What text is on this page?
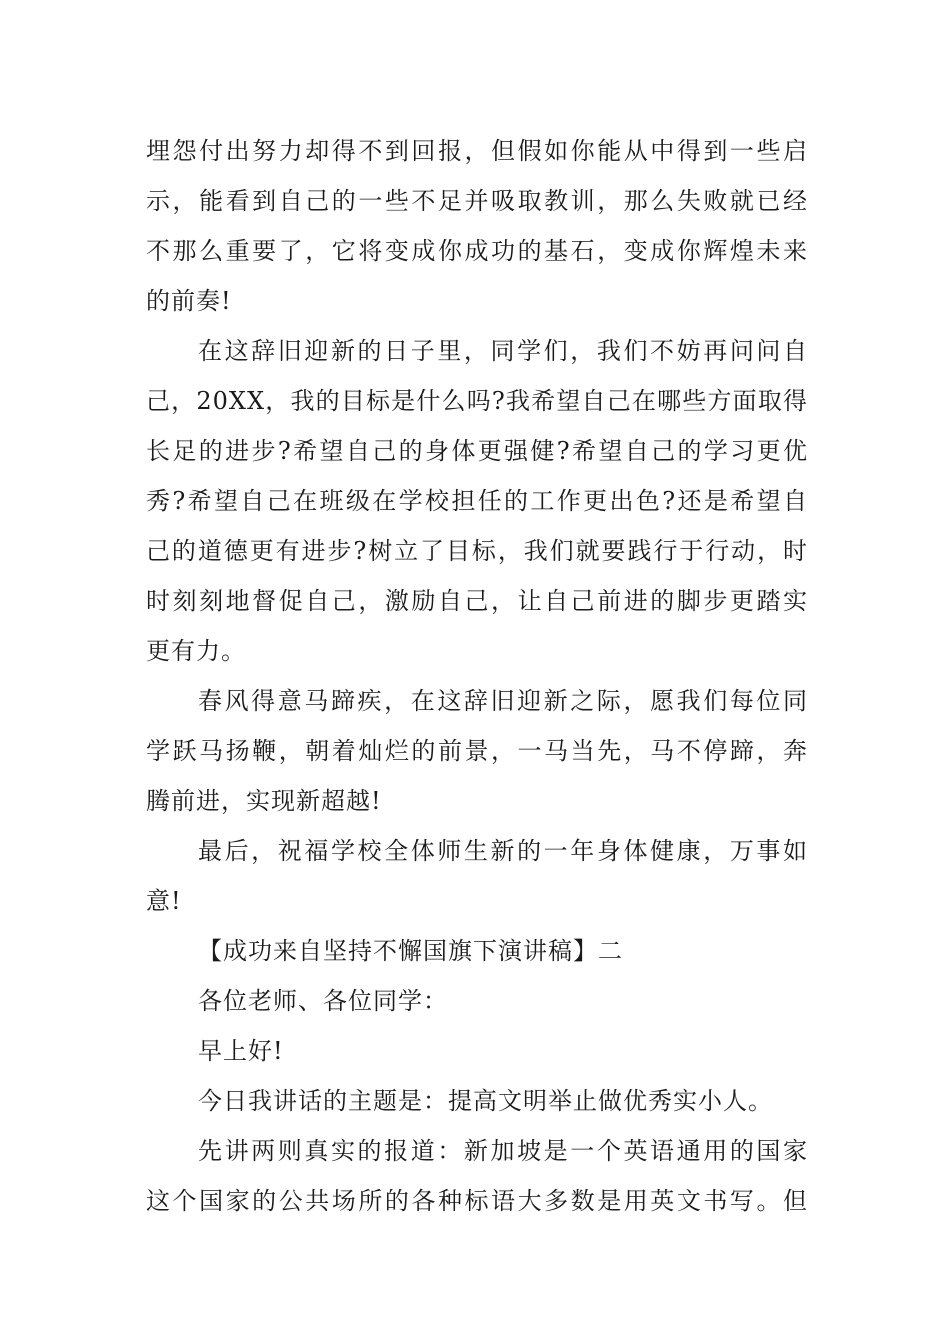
埋怨付出努力却得不到回报，但假如你能从中得到一些启
示，能看到自己的一些不足并吸取教训，那么失败就已经
不那么重要了，它将变成你成功的基石，变成你辉煌未来
的前奏!
在这辞旧迎新的日子里，同学们，我们不妨再问问自
己，20XX，我的目标是什么吗?我希望自己在哪些方面取得
长足的进步?希望自己的身体更强健?希望自己的学习更优
秀?希望自己在班级在学校担任的工作更出色?还是希望自
己的道德更有进步?树立了目标，我们就要践行于行动，时
时刻刻地督促自己，激励自己，让自己前进的脚步更踏实
更有力。
春风得意马蹄疾，在这辞旧迎新之际，愿我们每位同
学跃马扬鞭，朝着灿烂的前景，一马当先，马不停蹄，奔
腾前进，实现新超越!
最后，祝福学校全体师生新的一年身体健康，万事如
意!
【成功来自坚持不懈国旗下演讲稿】二
各位老师、各位同学：
早上好!
今日我讲话的主题是：提高文明举止做优秀实小人。
先讲两则真实的报道：新加坡是一个英语通用的国家
这个国家的公共场所的各种标语大多数是用英文书写。但
